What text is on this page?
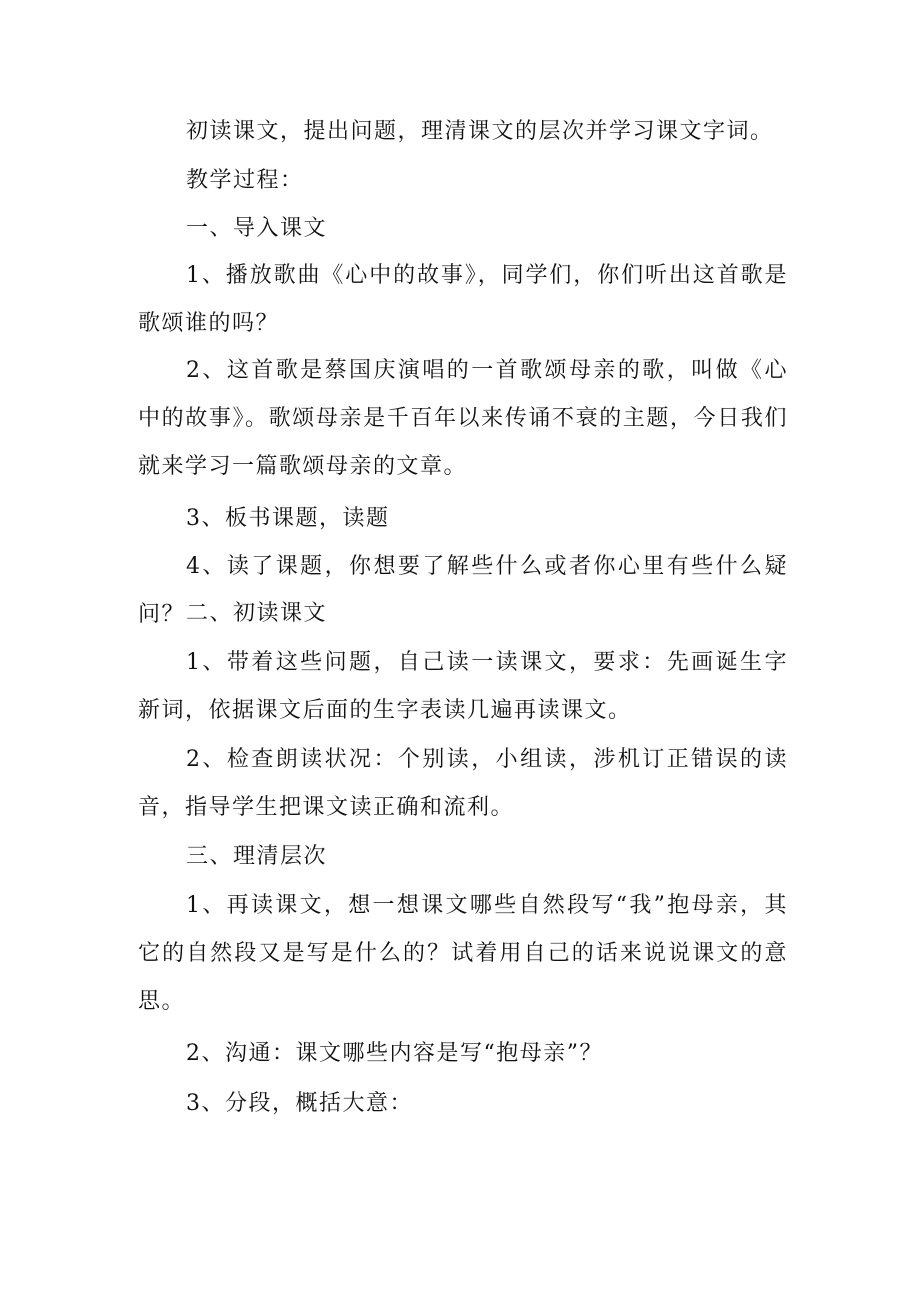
初读课文，提出问题，理清课文的层次并学习课文字词。

教学过程：

一、导入课文

1、播放歌曲《心中的故事》，同学们，你们听出这首歌是歌颂谁的吗？

2、这首歌是蔡国庆演唱的一首歌颂母亲的歌，叫做《心中的故事》。歌颂母亲是千百年以来传诵不衰的主题，今日我们就来学习一篇歌颂母亲的文章。

3、板书课题，读题

4、读了课题，你想要了解些什么或者你心里有些什么疑问？ 二、初读课文

1、带着这些问题，自己读一读课文，要求：先画诞生字新词，依据课文后面的生字表读几遍再读课文。

2、检查朗读状况：个别读，小组读，涉机订正错误的读音，指导学生把课文读正确和流利。

三、理清层次

1、再读课文，想一想课文哪些自然段写“我”抱母亲，其它的自然段又是写是什么的？试着用自己的话来说说课文的意思。

2、沟通：课文哪些内容是写“抱母亲”？

3、分段，概括大意：
